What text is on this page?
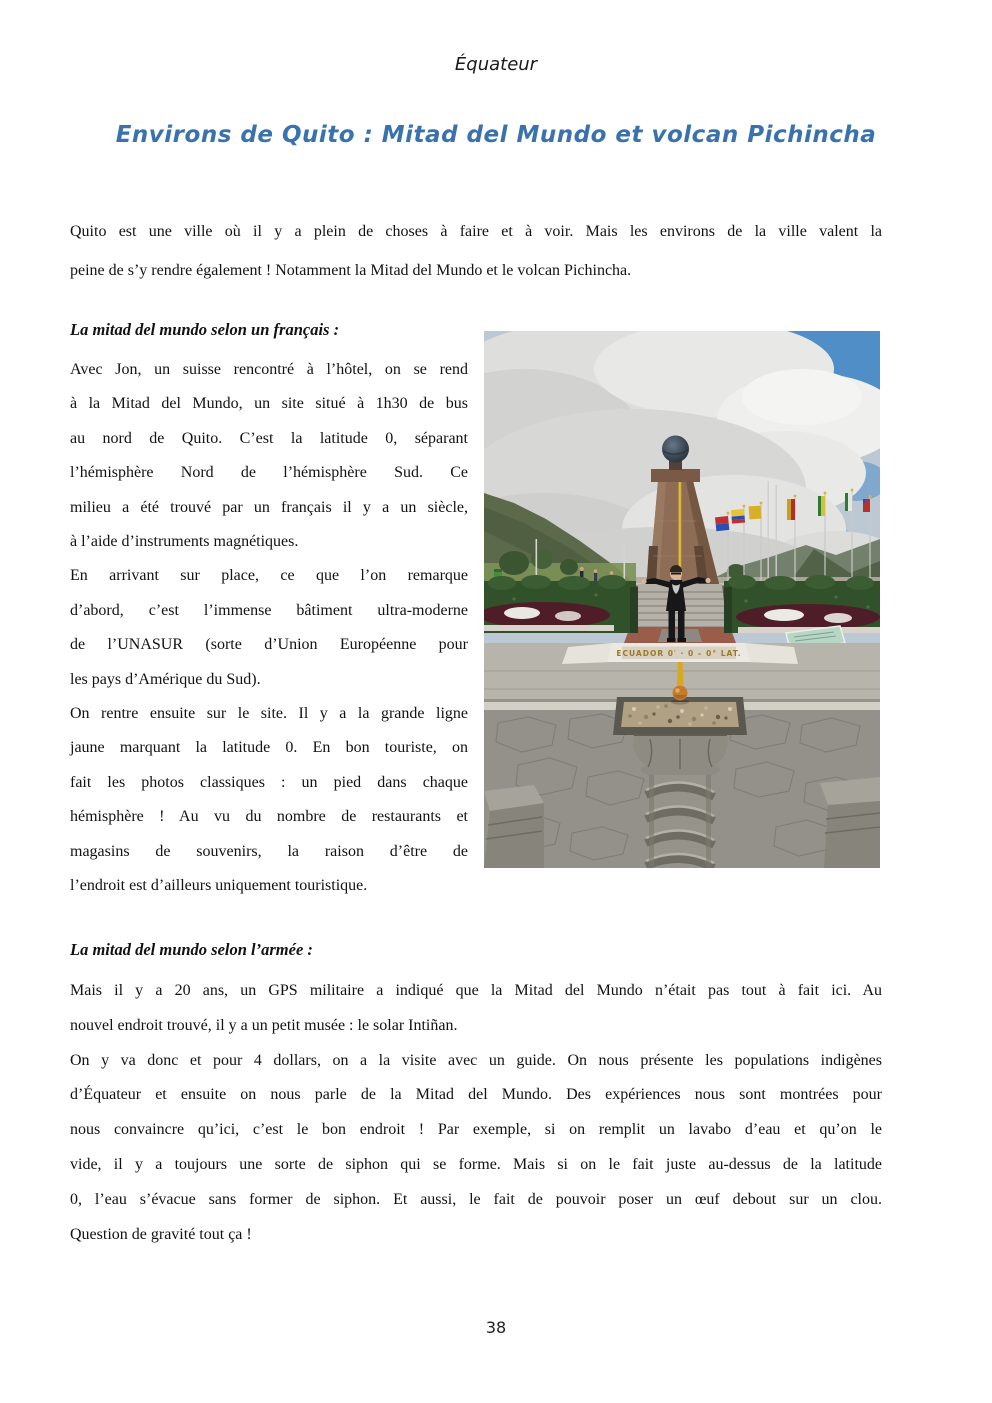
Équateur
Environs de Quito : Mitad del Mundo et volcan Pichincha
Quito est une ville où il y a plein de choses à faire et à voir. Mais les environs de la ville valent la
peine de s’y rendre également ! Notamment la Mitad del Mundo et le volcan Pichincha.
La mitad del mundo selon un français :
Avec Jon, un suisse rencontré à l’hôtel, on se rend
à la Mitad del Mundo, un site situé à 1h30 de bus
au nord de Quito. C’est la latitude 0, séparant
l’hémisphère Nord de l’hémisphère Sud. Ce
milieu a été trouvé par un français il y a un siècle,
à l’aide d’instruments magnétiques.
En arrivant sur place, ce que l’on remarque
d’abord, c’est l’immense bâtiment ultra-moderne
de l’UNASUR (sorte d’Union Européenne pour
les pays d’Amérique du Sud).
On rentre ensuite sur le site. Il y a la grande ligne
jaune marquant la latitude 0. En bon touriste, on
fait les photos classiques : un pied dans chaque
hémisphère ! Au vu du nombre de restaurants et
magasins de souvenirs, la raison d’être de
l’endroit est d’ailleurs uniquement touristique.
ECUADOR 0′ · 0 – 0° LAT.
La mitad del mundo selon l’armée :
Mais il y a 20 ans, un GPS militaire a indiqué que la Mitad del Mundo n’était pas tout à fait ici. Au
nouvel endroit trouvé, il y a un petit musée : le solar Intiñan.
On y va donc et pour 4 dollars, on a la visite avec un guide. On nous présente les populations indigènes
d’Équateur et ensuite on nous parle de la Mitad del Mundo. Des expériences nous sont montrées pour
nous convaincre qu’ici, c’est le bon endroit ! Par exemple, si on remplit un lavabo d’eau et qu’on le
vide, il y a toujours une sorte de siphon qui se forme. Mais si on le fait juste au-dessus de la latitude
0, l’eau s’évacue sans former de siphon. Et aussi, le fait de pouvoir poser un œuf debout sur un clou.
Question de gravité tout ça !
38
